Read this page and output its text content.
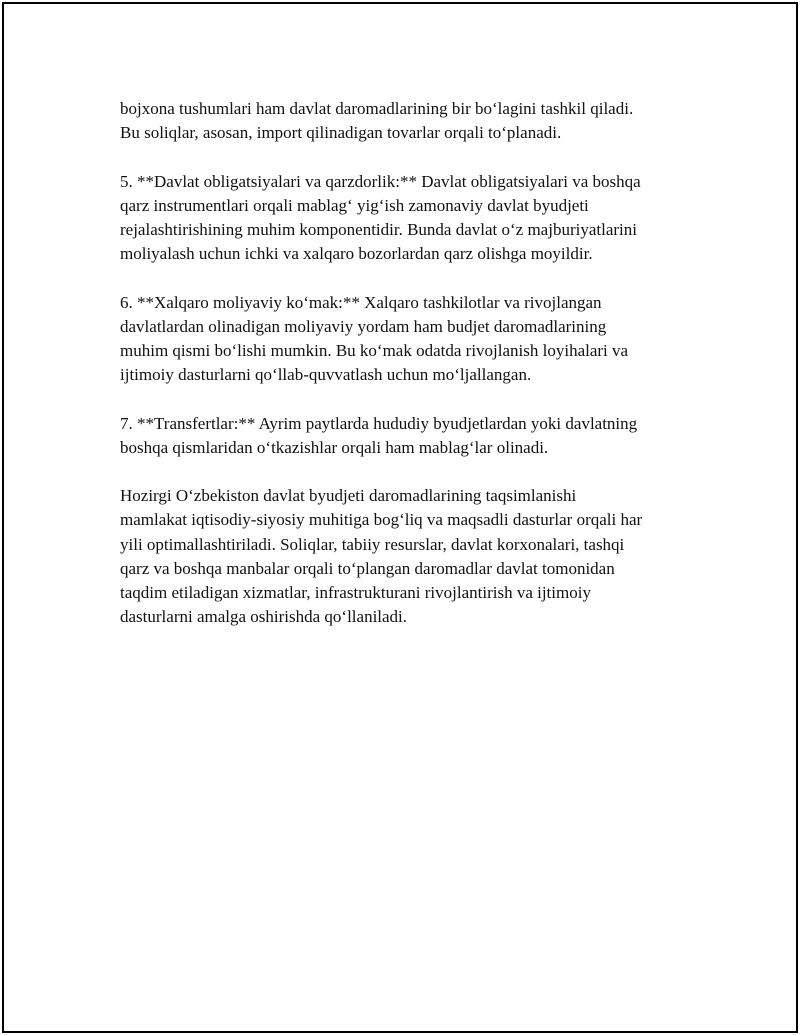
bojxona tushumlari ham davlat daromadlarining bir bo‘lagini tashkil qiladi.
Bu soliqlar, asosan, import qilinadigan tovarlar orqali to‘planadi.

5. **Davlat obligatsiyalari va qarzdorlik:** Davlat obligatsiyalari va boshqa
qarz instrumentlari orqali mablag‘ yig‘ish zamonaviy davlat byudjeti
rejalashtirishining muhim komponentidir. Bunda davlat o‘z majburiyatlarini
moliyalash uchun ichki va xalqaro bozorlardan qarz olishga moyildir.

6. **Xalqaro moliyaviy ko‘mak:** Xalqaro tashkilotlar va rivojlangan
davlatlardan olinadigan moliyaviy yordam ham budjet daromadlarining
muhim qismi bo‘lishi mumkin. Bu ko‘mak odatda rivojlanish loyihalari va
ijtimoiy dasturlarni qo‘llab-quvvatlash uchun mo‘ljallangan.

7. **Transfertlar:** Ayrim paytlarda hududiy byudjetlardan yoki davlatning
boshqa qismlaridan o‘tkazishlar orqali ham mablag‘lar olinadi.

Hozirgi O‘zbekiston davlat byudjeti daromadlarining taqsimlanishi
mamlakat iqtisodiy-siyosiy muhitiga bog‘liq va maqsadli dasturlar orqali har
yili optimallashtiriladi. Soliqlar, tabiiy resurslar, davlat korxonalari, tashqi
qarz va boshqa manbalar orqali to‘plangan daromadlar davlat tomonidan
taqdim etiladigan xizmatlar, infrastrukturani rivojlantirish va ijtimoiy
dasturlarni amalga oshirishda qo‘llaniladi.
